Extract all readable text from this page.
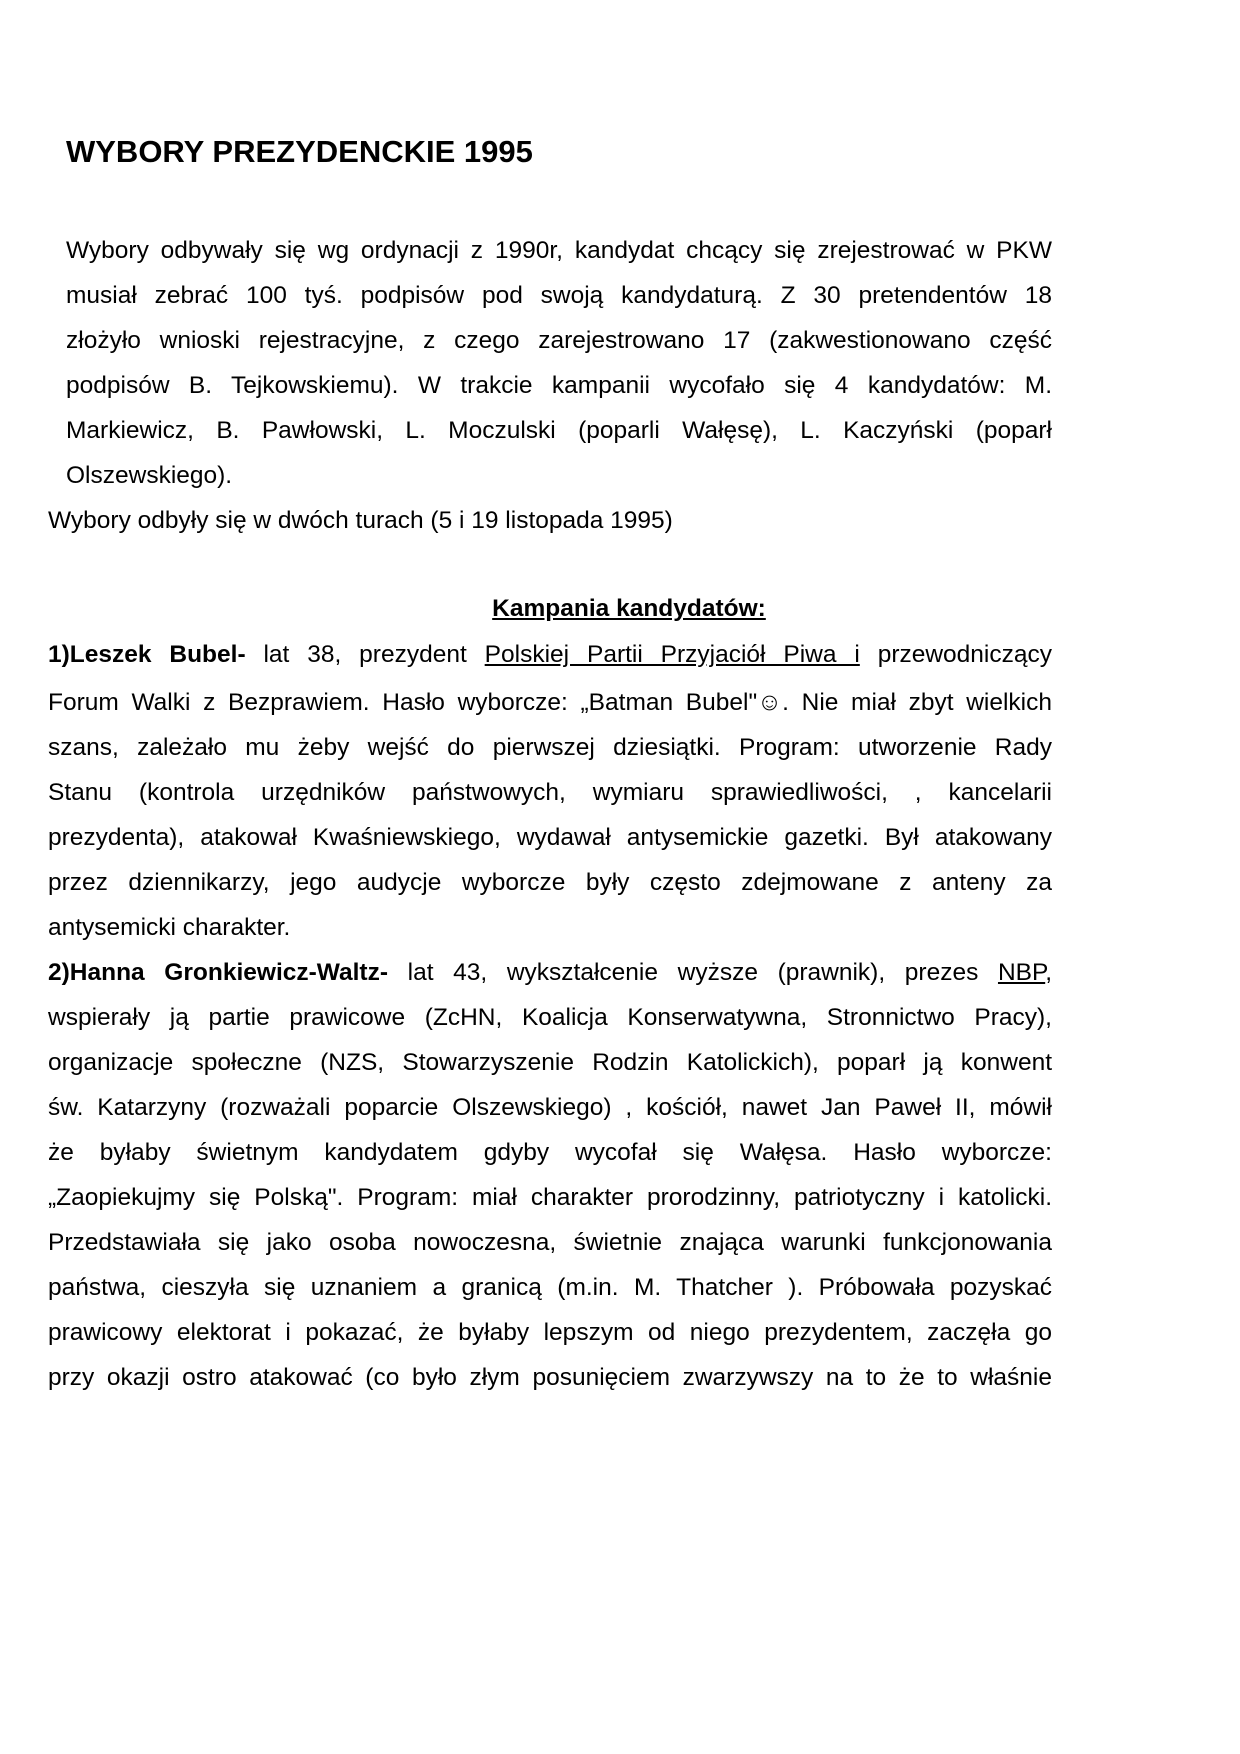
WYBORY PREZYDENCKIE 1995
Wybory odbywały się wg ordynacji z 1990r, kandydat chcący się zrejestrować w PKW
musiał zebrać 100 tyś. podpisów pod swoją kandydaturą. Z 30 pretendentów 18
złożyło wnioski rejestracyjne, z czego zarejestrowano 17 (zakwestionowano część
podpisów B. Tejkowskiemu). W trakcie kampanii wycofało się 4 kandydatów: M.
Markiewicz, B. Pawłowski, L. Moczulski (poparli Wałęsę), L. Kaczyński (poparł
Olszewskiego).
Wybory odbyły się w dwóch turach (5 i 19 listopada 1995)
Kampania kandydatów:
1)Leszek Bubel- lat 38, prezydent Polskiej Partii Przyjaciół Piwa i przewodniczący
Forum Walki z Bezprawiem. Hasło wyborcze: „Batman Bubel"☺. Nie miał zbyt wielkich
szans, zależało mu żeby wejść do pierwszej dziesiątki. Program: utworzenie Rady
Stanu (kontrola urzędników państwowych, wymiaru sprawiedliwości, , kancelarii
prezydenta), atakował Kwaśniewskiego, wydawał antysemickie gazetki. Był atakowany
przez dziennikarzy, jego audycje wyborcze były często zdejmowane z anteny za
antysemicki charakter.
2)Hanna Gronkiewicz-Waltz- lat 43, wykształcenie wyższe (prawnik), prezes NBP,
wspierały ją partie prawicowe (ZcHN, Koalicja Konserwatywna, Stronnictwo Pracy),
organizacje społeczne (NZS, Stowarzyszenie Rodzin Katolickich), poparł ją konwent
św. Katarzyny (rozważali poparcie Olszewskiego) , kościół, nawet Jan Paweł II, mówił
że byłaby świetnym kandydatem gdyby wycofał się Wałęsa. Hasło wyborcze:
„Zaopiekujmy się Polską". Program: miał charakter prorodzinny, patriotyczny i katolicki.
Przedstawiała się jako osoba nowoczesna, świetnie znająca warunki funkcjonowania
państwa, cieszyła się uznaniem a granicą (m.in. M. Thatcher ). Próbowała pozyskać
prawicowy elektorat i pokazać, że byłaby lepszym od niego prezydentem, zaczęła go
przy okazji ostro atakować (co było złym posunięciem zwarzywszy na to że to właśnie
